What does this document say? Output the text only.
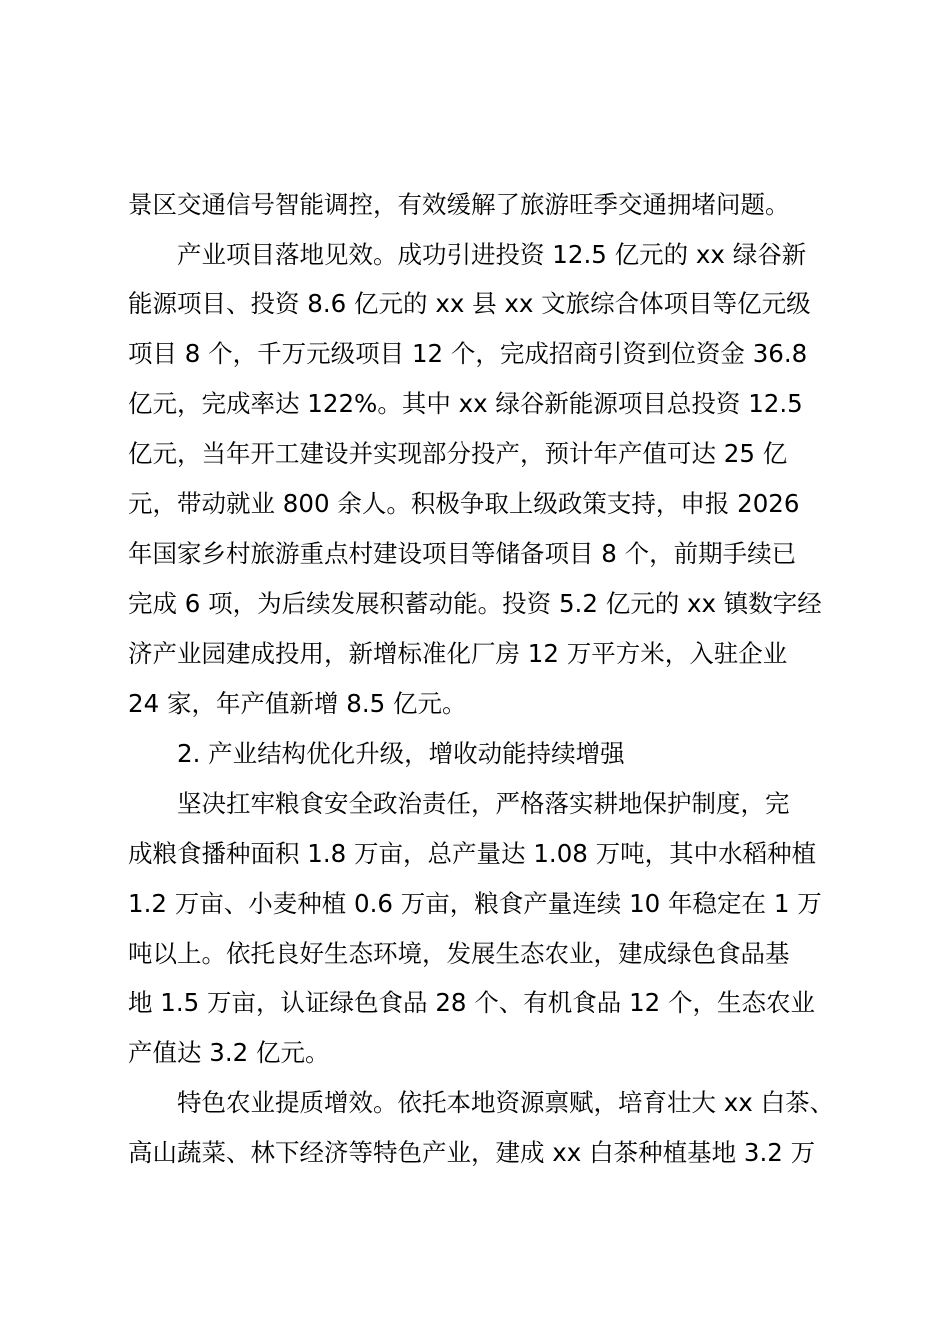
景区交通信号智能调控，有效缓解了旅游旺季交通拥堵问题。
产业项目落地见效。成功引进投资 12.5 亿元的 xx 绿谷新
能源项目、投资 8.6 亿元的 xx 县 xx 文旅综合体项目等亿元级
项目 8 个，千万元级项目 12 个，完成招商引资到位资金 36.8
亿元，完成率达 122%。其中 xx 绿谷新能源项目总投资 12.5
亿元，当年开工建设并实现部分投产，预计年产值可达 25 亿
元，带动就业 800 余人。积极争取上级政策支持，申报 2026
年国家乡村旅游重点村建设项目等储备项目 8 个，前期手续已
完成 6 项，为后续发展积蓄动能。投资 5.2 亿元的 xx 镇数字经
济产业园建成投用，新增标准化厂房 12 万平方米，入驻企业
24 家，年产值新增 8.5 亿元。
2. 产业结构优化升级，增收动能持续增强
坚决扛牢粮食安全政治责任，严格落实耕地保护制度，完
成粮食播种面积 1.8 万亩，总产量达 1.08 万吨，其中水稻种植
1.2 万亩、小麦种植 0.6 万亩，粮食产量连续 10 年稳定在 1 万
吨以上。依托良好生态环境，发展生态农业，建成绿色食品基
地 1.5 万亩，认证绿色食品 28 个、有机食品 12 个，生态农业
产值达 3.2 亿元。
特色农业提质增效。依托本地资源禀赋，培育壮大 xx 白茶、
高山蔬菜、林下经济等特色产业，建成 xx 白茶种植基地 3.2 万
